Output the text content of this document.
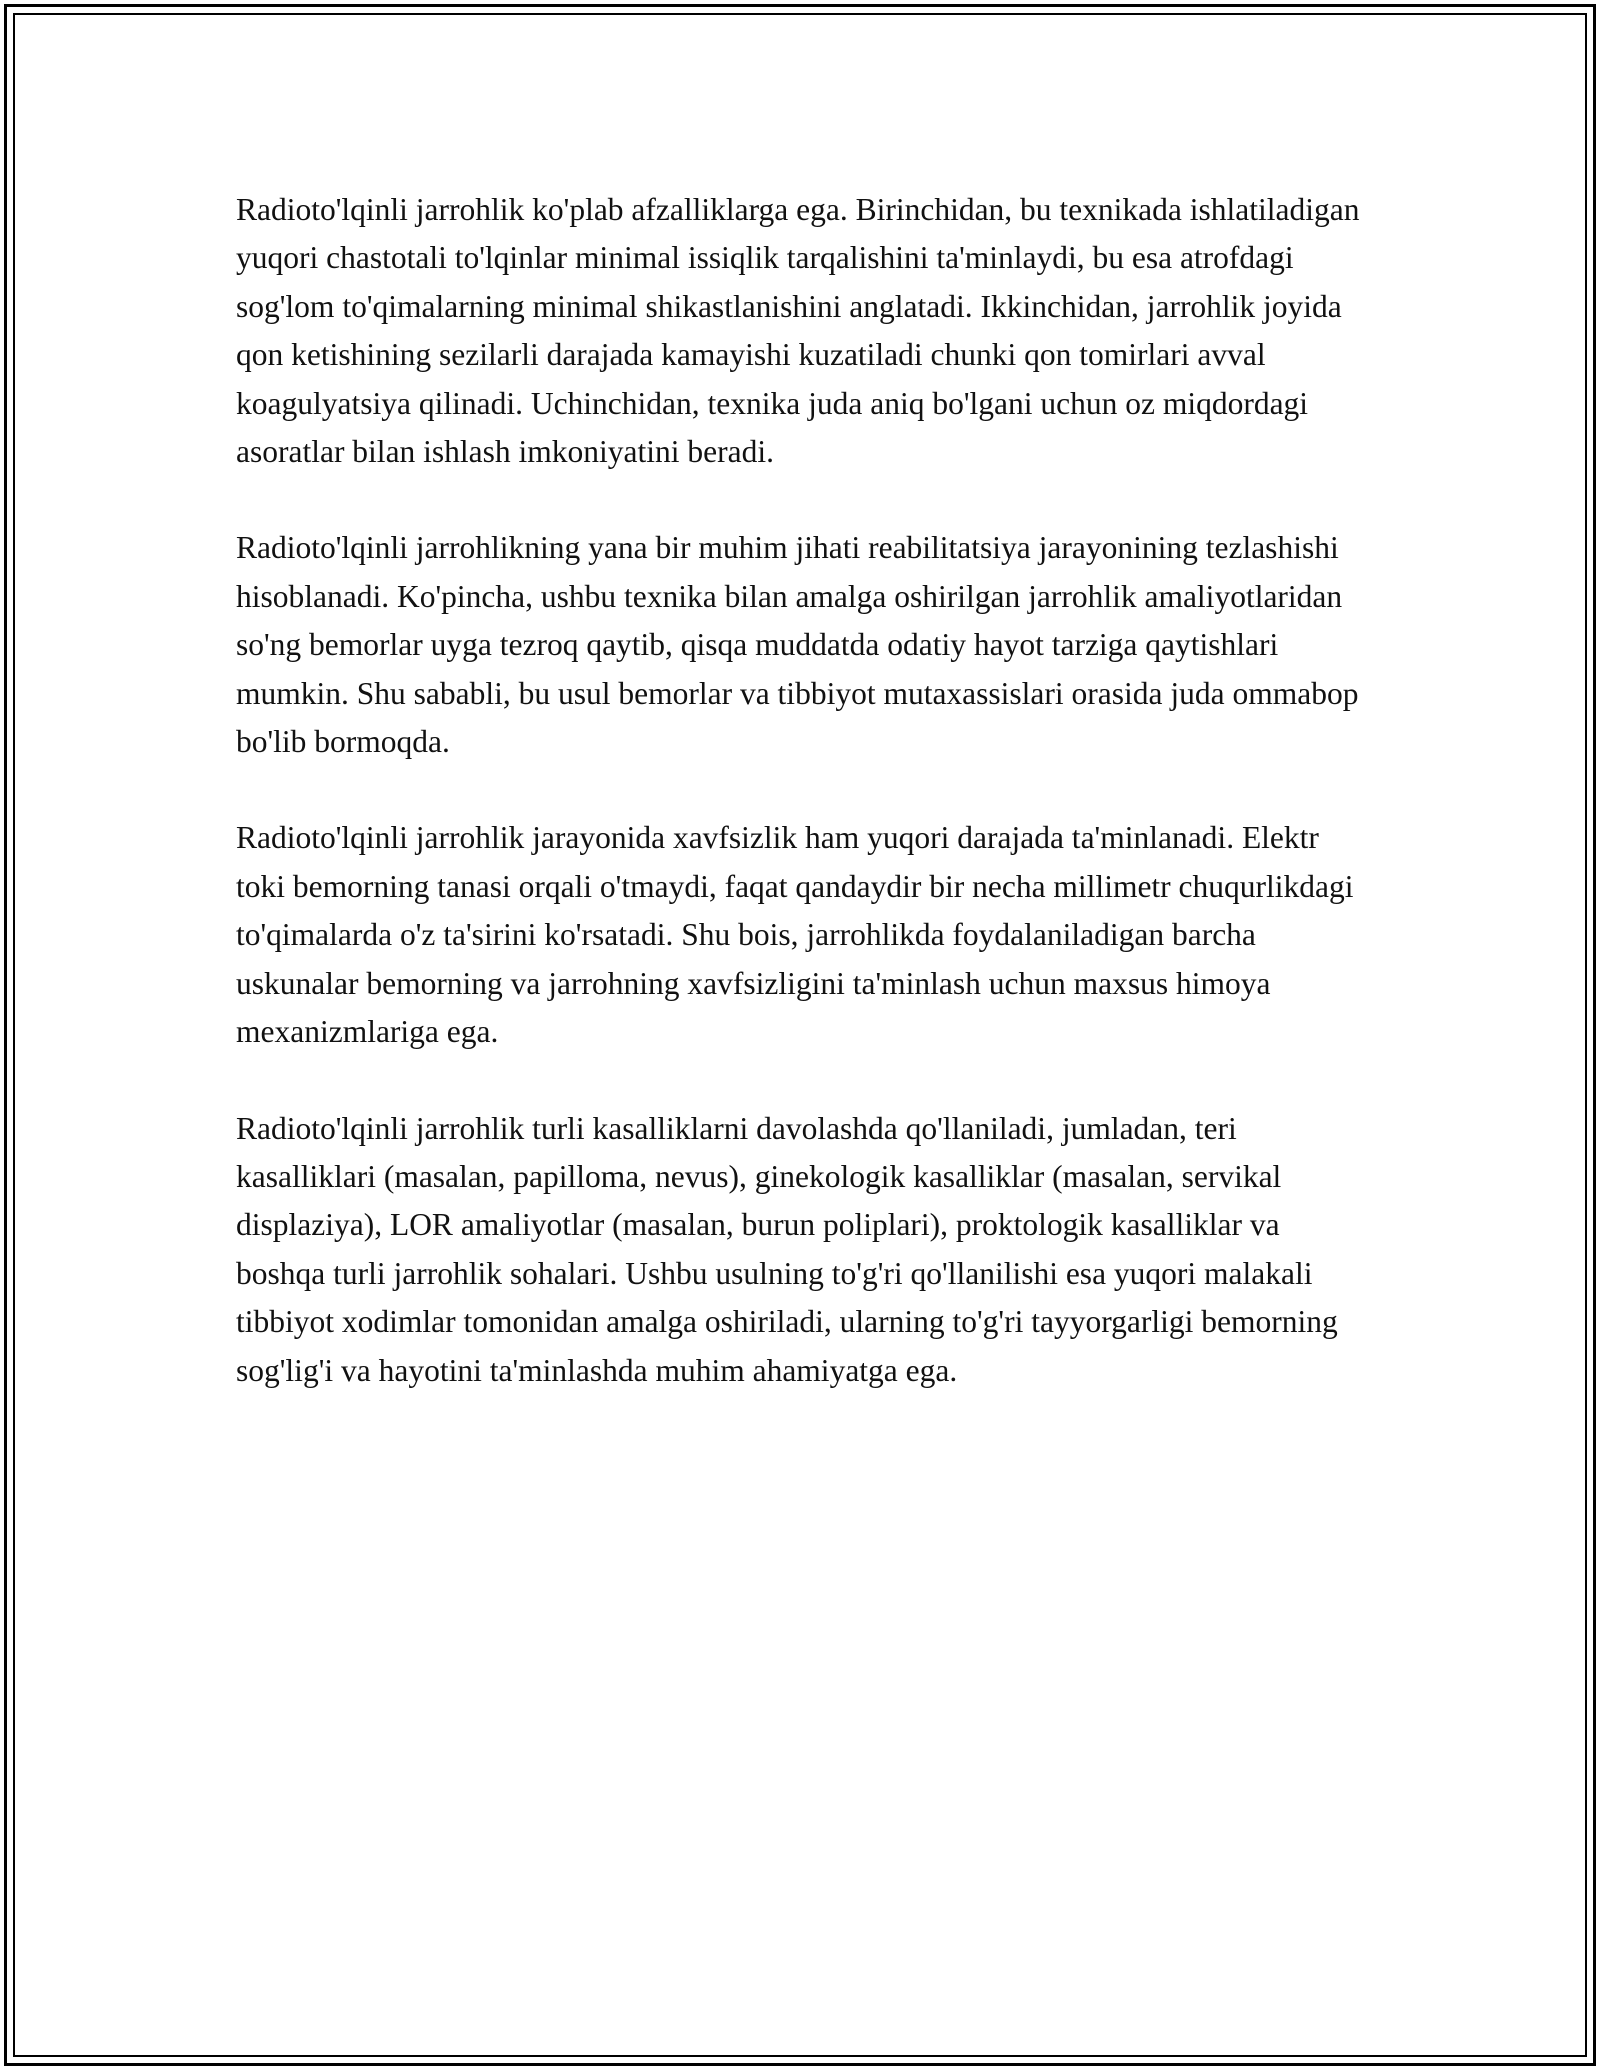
Radioto'lqinli jarrohlik ko'plab afzalliklarga ega. Birinchidan, bu texnikada ishlatiladigan yuqori chastotali to'lqinlar minimal issiqlik tarqalishini ta'minlaydi, bu esa atrofdagi sog'lom to'qimalarning minimal shikastlanishini anglatadi. Ikkinchidan, jarrohlik joyida qon ketishining sezilarli darajada kamayishi kuzatiladi chunki qon tomirlari avval koagulyatsiya qilinadi. Uchinchidan, texnika juda aniq bo'lgani uchun oz miqdordagi asoratlar bilan ishlash imkoniyatini beradi.

Radioto'lqinli jarrohlikning yana bir muhim jihati reabilitatsiya jarayonining tezlashishi hisoblanadi. Ko'pincha, ushbu texnika bilan amalga oshirilgan jarrohlik amaliyotlaridan so'ng bemorlar uyga tezroq qaytib, qisqa muddatda odatiy hayot tarziga qaytishlari mumkin. Shu sababli, bu usul bemorlar va tibbiyot mutaxassislari orasida juda ommabop bo'lib bormoqda.

Radioto'lqinli jarrohlik jarayonida xavfsizlik ham yuqori darajada ta'minlanadi. Elektr toki bemorning tanasi orqali o'tmaydi, faqat qandaydir bir necha millimetr chuqurlikdagi to'qimalarda o'z ta'sirini ko'rsatadi. Shu bois, jarrohlikda foydalaniladigan barcha uskunalar bemorning va jarrohning xavfsizligini ta'minlash uchun maxsus himoya mexanizmlariga ega.

Radioto'lqinli jarrohlik turli kasalliklarni davolashda qo'llaniladi, jumladan, teri kasalliklari (masalan, papilloma, nevus), ginekologik kasalliklar (masalan, servikal displaziya), LOR amaliyotlar (masalan, burun poliplari), proktologik kasalliklar va boshqa turli jarrohlik sohalari. Ushbu usulning to'g'ri qo'llanilishi esa yuqori malakali tibbiyot xodimlar tomonidan amalga oshiriladi, ularning to'g'ri tayyorgarligi bemorning sog'lig'i va hayotini ta'minlashda muhim ahamiyatga ega.
